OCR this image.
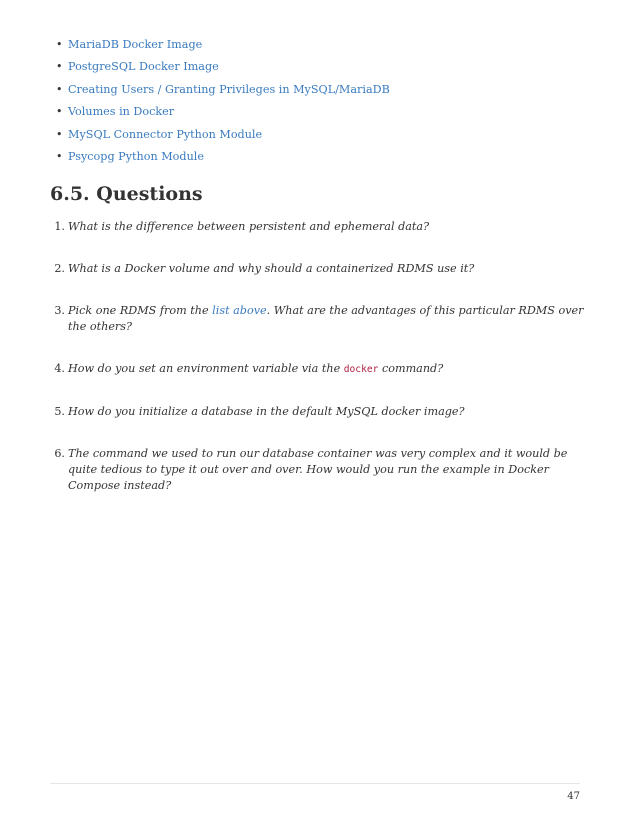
• MariaDB Docker Image
• PostgreSQL Docker Image
• Creating Users / Granting Privileges in MySQL/MariaDB
• Volumes in Docker
• MySQL Connector Python Module
• Psycopg Python Module
6.5. Questions
1. What is the difference between persistent and ephemeral data?
2. What is a Docker volume and why should a containerized RDMS use it?
3. Pick one RDMS from the list above. What are the advantages of this particular RDMS over the others?
4. How do you set an environment variable via the docker command?
5. How do you initialize a database in the default MySQL docker image?
6. The command we used to run our database container was very complex and it would be quite tedious to type it out over and over. How would you run the example in Docker Compose instead?
47
